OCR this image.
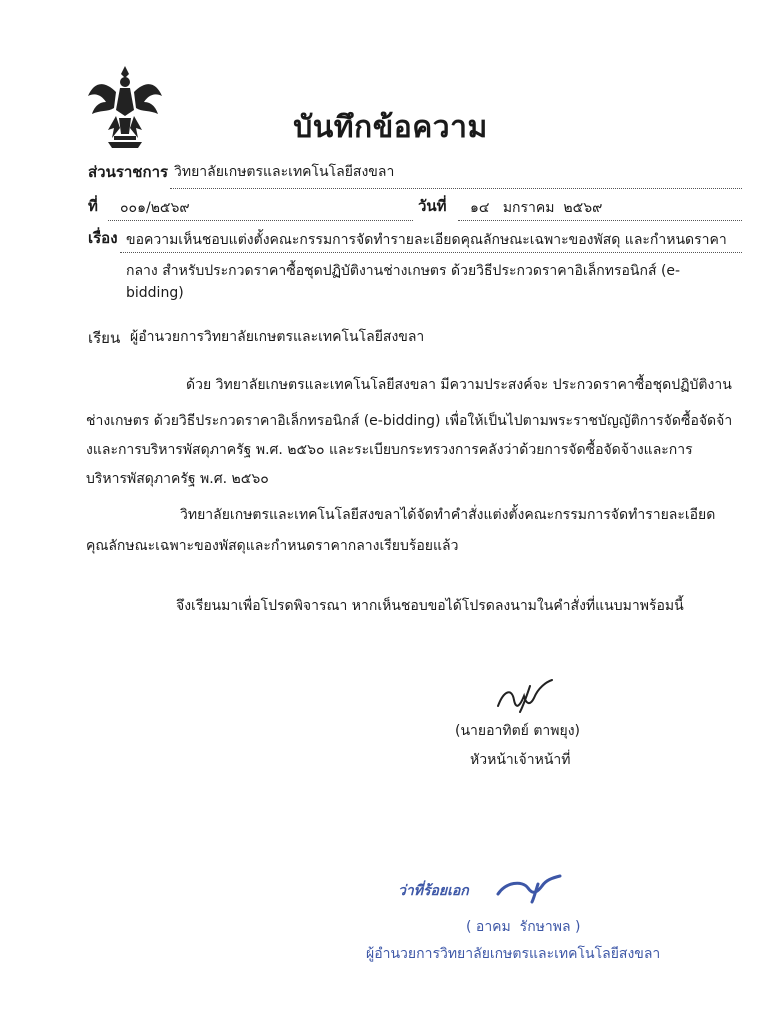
บันทึกข้อความ
ส่วนราชการ วิทยาลัยเกษตรและเทคโนโลยีสงขลา
ที่ ๐๐๑/๒๕๖๙	วันที่ ๑๔   มกราคม  ๒๕๖๙
เรื่อง ขอความเห็นชอบแต่งตั้งคณะกรรมการจัดทำรายละเอียดคุณลักษณะเฉพาะของพัสดุ และกำหนดราคา
กลาง สำหรับประกวดราคาซื้อชุดปฏิบัติงานช่างเกษตร ด้วยวิธีประกวดราคาอิเล็กทรอนิกส์ (e-
bidding)
เรียน ผู้อำนวยการวิทยาลัยเกษตรและเทคโนโลยีสงขลา
ด้วย วิทยาลัยเกษตรและเทคโนโลยีสงขลา มีความประสงค์จะ ประกวดราคาซื้อชุดปฏิบัติงาน
ช่างเกษตร ด้วยวิธีประกวดราคาอิเล็กทรอนิกส์ (e-bidding) เพื่อให้เป็นไปตามพระราชบัญญัติการจัดซื้อจัดจ้า
งและการบริหารพัสดุภาครัฐ พ.ศ. ๒๕๖๐ และระเบียบกระทรวงการคลังว่าด้วยการจัดซื้อจัดจ้างและการ
บริหารพัสดุภาครัฐ พ.ศ. ๒๕๖๐
วิทยาลัยเกษตรและเทคโนโลยีสงขลาได้จัดทำคำสั่งแต่งตั้งคณะกรรมการจัดทำรายละเอียด
คุณลักษณะเฉพาะของพัสดุและกำหนดราคากลางเรียบร้อยแล้ว
จึงเรียนมาเพื่อโปรดพิจารณา หากเห็นชอบขอได้โปรดลงนามในคำสั่งที่แนบมาพร้อมนี้
(นายอาทิตย์ ตาพยุง)
หัวหน้าเจ้าหน้าที่
ว่าที่ร้อยเอก
( อาคม  รักษาพล )
ผู้อำนวยการวิทยาลัยเกษตรและเทคโนโลยีสงขลา
